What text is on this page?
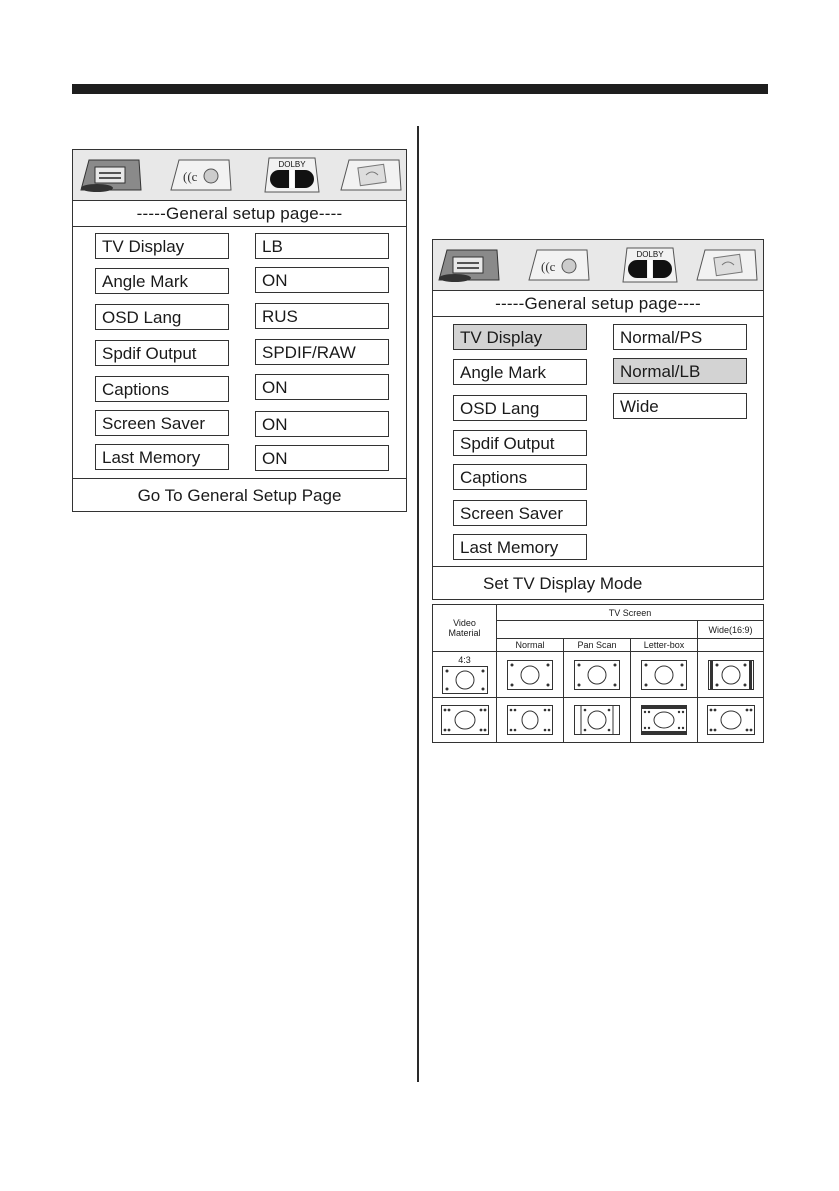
((c
DOLBY
-----General setup page----
TV Display	LB
Angle Mark	ON
OSD Lang	RUS
Spdif Output	SPDIF/RAW
Captions	ON
Screen Saver	ON
Last Memory	ON
Go To General Setup Page
((c
DOLBY
-----General setup page----
TV Display
Angle Mark
OSD Lang
Spdif Output
Captions
Screen Saver
Last Memory
Normal/PS
Normal/LB
Wide
Set TV Display Mode
Video
Material	TV Screen			
				Wide(16:9)
	Normal	Pan Scan	Letter-box	

4:3
